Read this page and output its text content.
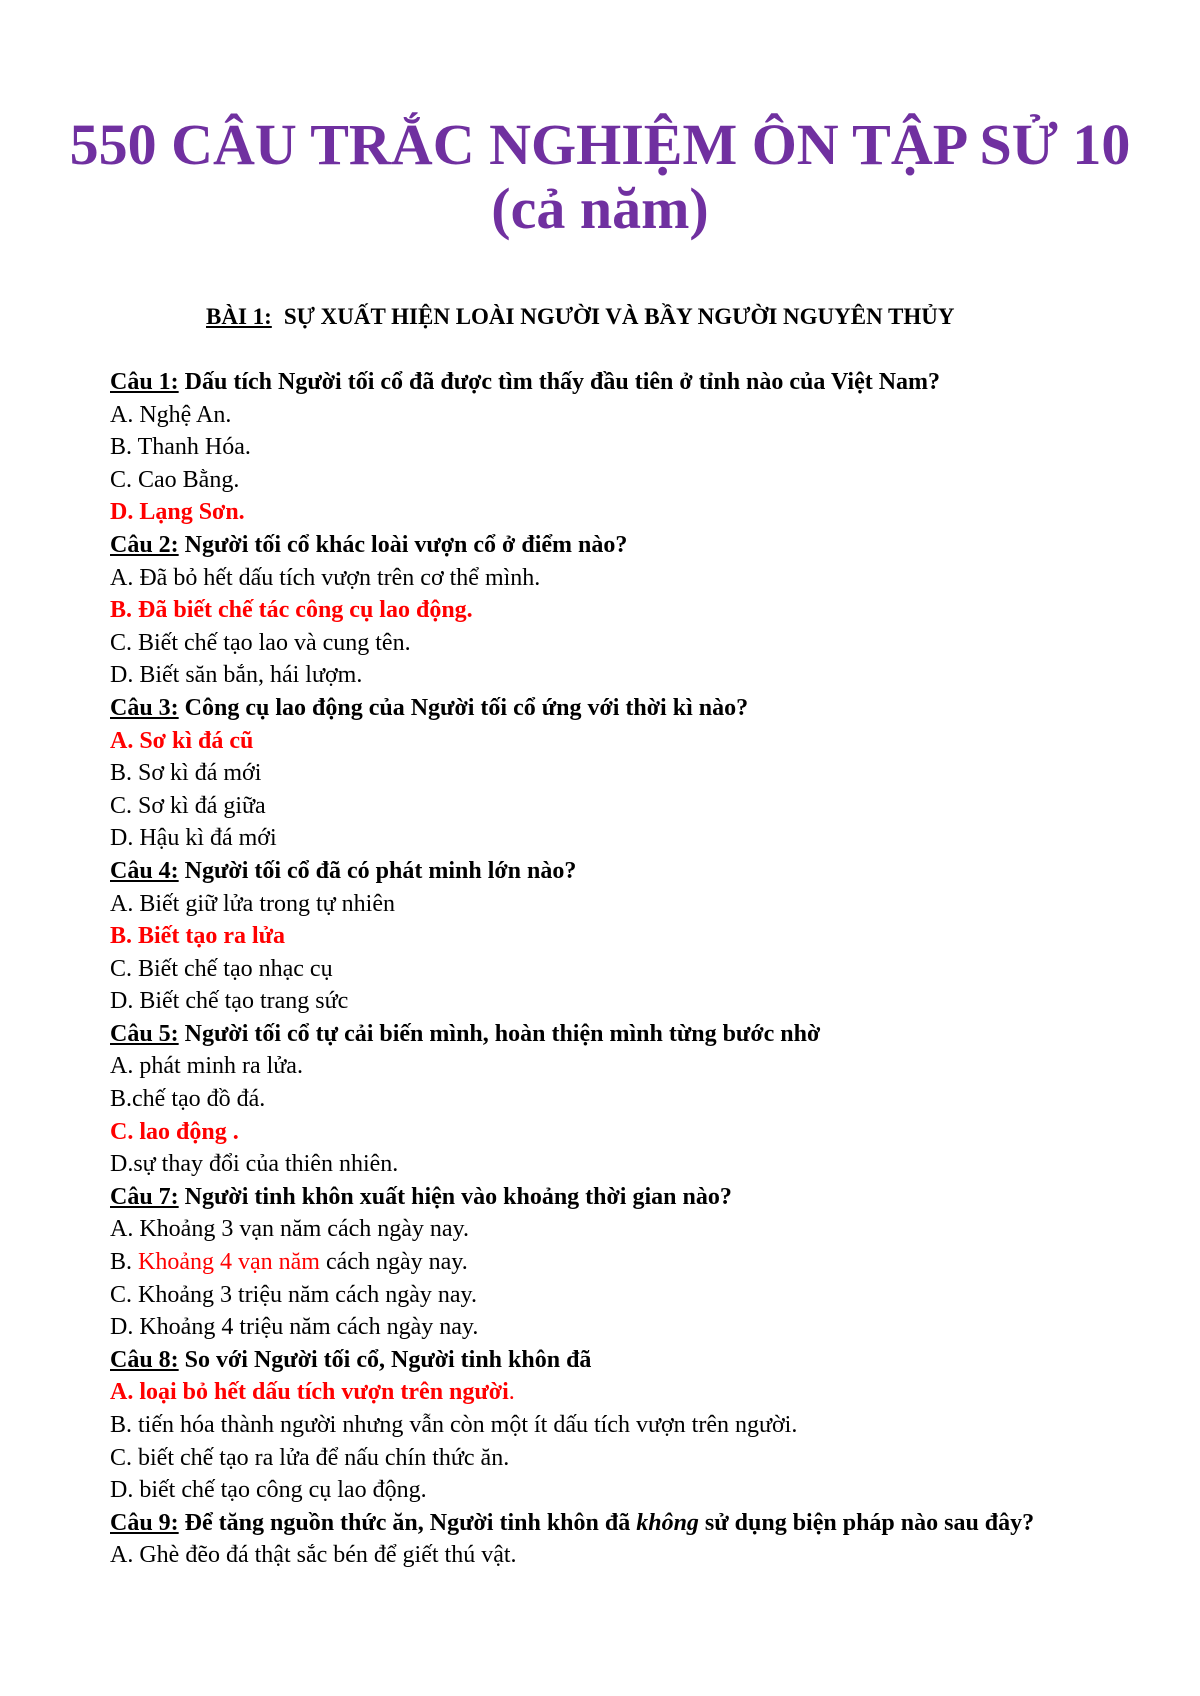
550 CÂU TRẮC NGHIỆM ÔN TẬP SỬ 10
(cả năm)
BÀI 1: SỰ XUẤT HIỆN LOÀI NGƯỜI VÀ BẦY NGƯỜI NGUYÊN THỦY
Câu 1: Dấu tích Người tối cổ đã được tìm thấy đầu tiên ở tỉnh nào của Việt Nam?
A. Nghệ An.
B. Thanh Hóa.
C. Cao Bằng.
D. Lạng Sơn.
Câu 2: Người tối cổ khác loài vượn cổ ở điểm nào?
A. Đã bỏ hết dấu tích vượn trên cơ thể mình.
B. Đã biết chế tác công cụ lao động.
C. Biết chế tạo lao và cung tên.
D. Biết săn bắn, hái lượm.
Câu 3: Công cụ lao động của Người tối cổ ứng với thời kì nào?
A. Sơ kì đá cũ
B. Sơ kì đá mới
C. Sơ kì đá giữa
D. Hậu kì đá mới
Câu 4: Người tối cổ đã có phát minh lớn nào?
A. Biết giữ lửa trong tự nhiên
B. Biết tạo ra lửa
C. Biết chế tạo nhạc cụ
D. Biết chế tạo trang sức
Câu 5: Người tối cổ tự cải biến mình, hoàn thiện mình từng bước nhờ
A. phát minh ra lửa.
B.chế tạo đồ đá.
C. lao động .
D.sự thay đổi của thiên nhiên.
Câu 7: Người tinh khôn xuất hiện vào khoảng thời gian nào?
A. Khoảng 3 vạn năm cách ngày nay.
B. Khoảng 4 vạn năm cách ngày nay.
C. Khoảng 3 triệu năm cách ngày nay.
D. Khoảng 4 triệu năm cách ngày nay.
Câu 8: So với Người tối cổ, Người tinh khôn đã
A. loại bỏ hết dấu tích vượn trên người.
B. tiến hóa thành người nhưng vẫn còn một ít dấu tích vượn trên người.
C. biết chế tạo ra lửa để nấu chín thức ăn.
D. biết chế tạo công cụ lao động.
Câu 9: Để tăng nguồn thức ăn, Người tinh khôn đã không sử dụng biện pháp nào sau đây?
A. Ghè đẽo đá thật sắc bén để giết thú vật.
